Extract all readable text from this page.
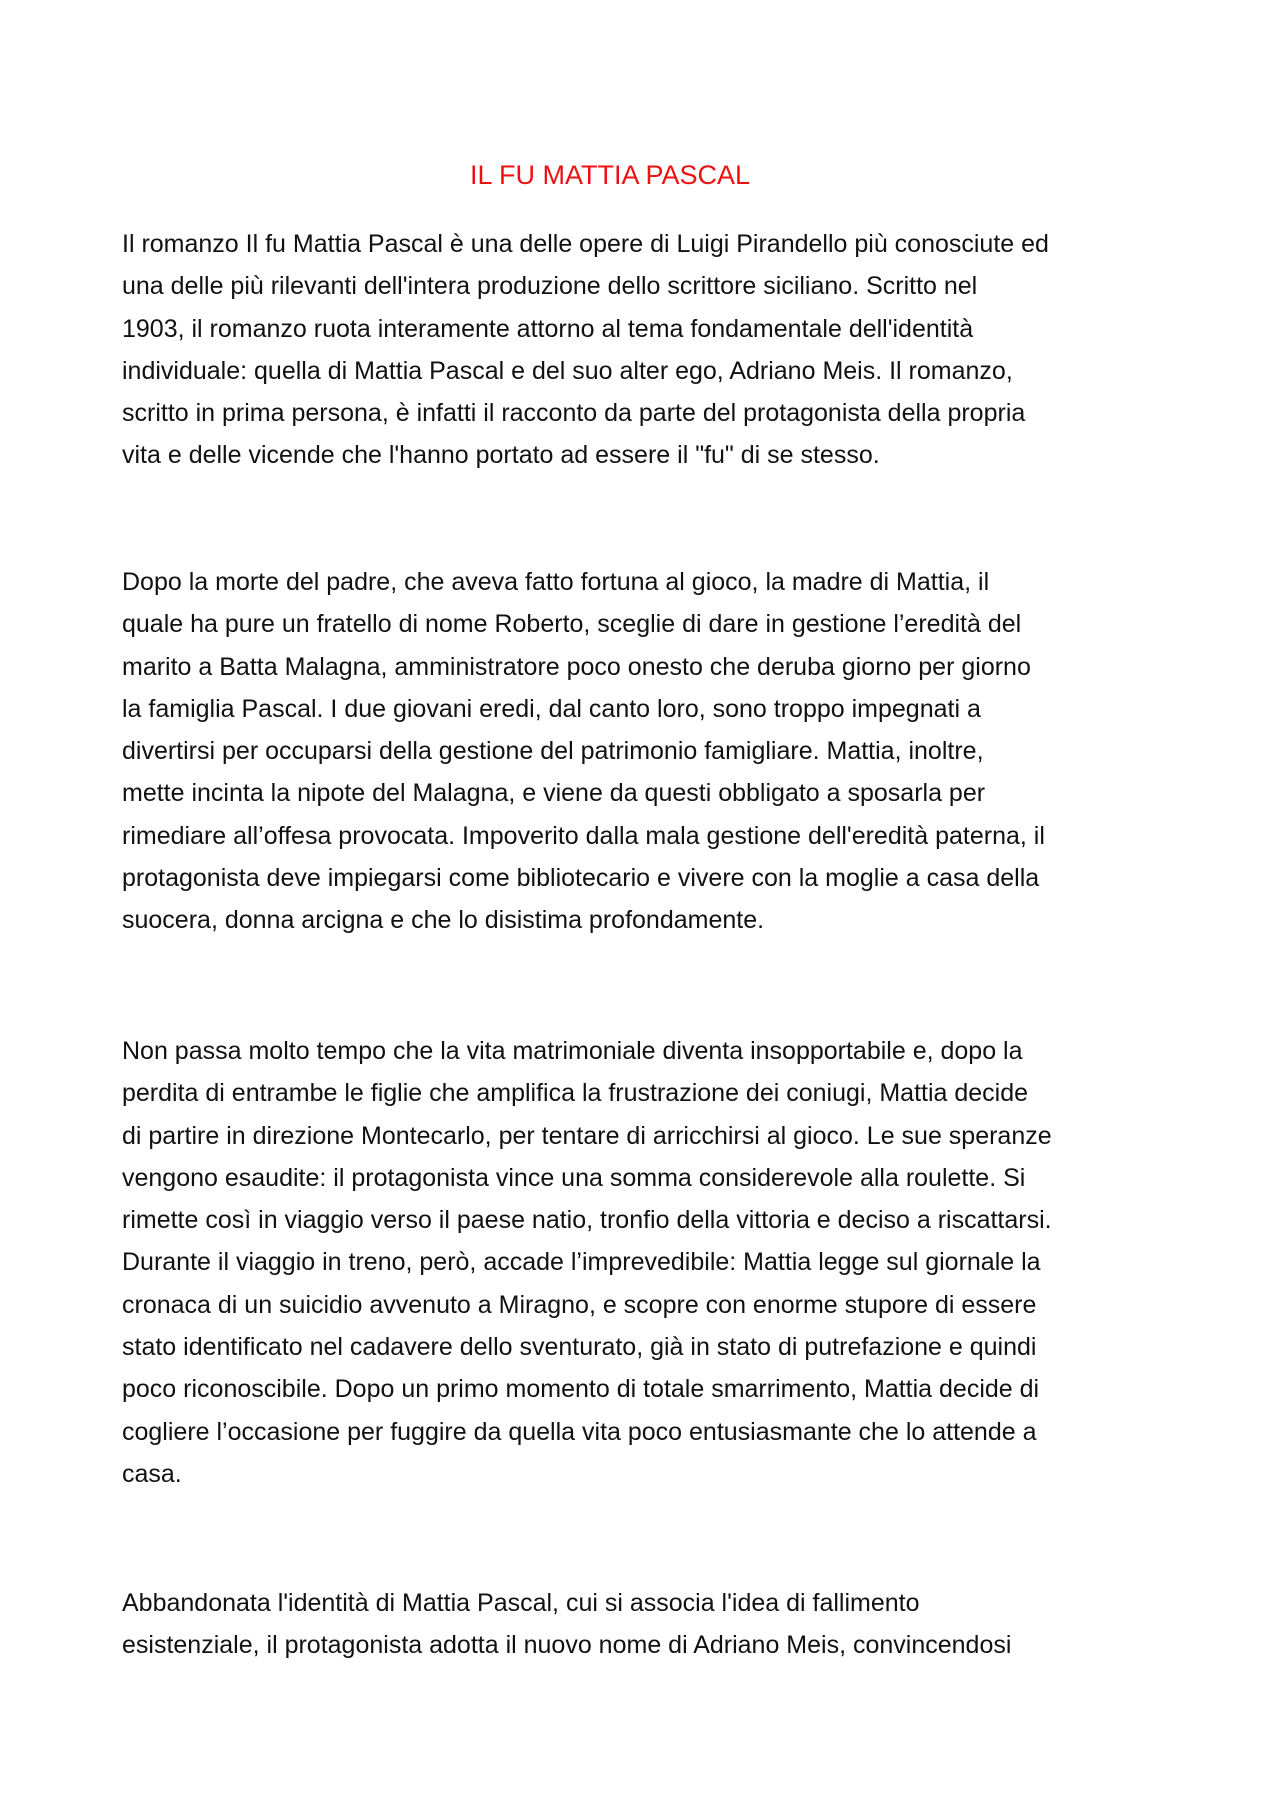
IL FU MATTIA PASCAL

Il romanzo Il fu Mattia Pascal è una delle opere di Luigi Pirandello più conosciute ed
una delle più rilevanti dell'intera produzione dello scrittore siciliano. Scritto nel
1903, il romanzo ruota interamente attorno al tema fondamentale dell'identità
individuale: quella di Mattia Pascal e del suo alter ego, Adriano Meis. Il romanzo,
scritto in prima persona, è infatti il racconto da parte del protagonista della propria
vita e delle vicende che l'hanno portato ad essere il "fu" di se stesso.

Dopo la morte del padre, che aveva fatto fortuna al gioco, la madre di Mattia, il
quale ha pure un fratello di nome Roberto, sceglie di dare in gestione l’eredità del
marito a Batta Malagna, amministratore poco onesto che deruba giorno per giorno
la famiglia Pascal. I due giovani eredi, dal canto loro, sono troppo impegnati a
divertirsi per occuparsi della gestione del patrimonio famigliare. Mattia, inoltre,
mette incinta la nipote del Malagna, e viene da questi obbligato a sposarla per
rimediare all’offesa provocata. Impoverito dalla mala gestione dell'eredità paterna, il
protagonista deve impiegarsi come bibliotecario e vivere con la moglie a casa della
suocera, donna arcigna e che lo disistima profondamente.

Non passa molto tempo che la vita matrimoniale diventa insopportabile e, dopo la
perdita di entrambe le figlie che amplifica la frustrazione dei coniugi, Mattia decide
di partire in direzione Montecarlo, per tentare di arricchirsi al gioco. Le sue speranze
vengono esaudite: il protagonista vince una somma considerevole alla roulette. Si
rimette così in viaggio verso il paese natio, tronfio della vittoria e deciso a riscattarsi.
Durante il viaggio in treno, però, accade l’imprevedibile: Mattia legge sul giornale la
cronaca di un suicidio avvenuto a Miragno, e scopre con enorme stupore di essere
stato identificato nel cadavere dello sventurato, già in stato di putrefazione e quindi
poco riconoscibile. Dopo un primo momento di totale smarrimento, Mattia decide di
cogliere l’occasione per fuggire da quella vita poco entusiasmante che lo attende a
casa.

Abbandonata l'identità di Mattia Pascal, cui si associa l'idea di fallimento
esistenziale, il protagonista adotta il nuovo nome di Adriano Meis, convincendosi
